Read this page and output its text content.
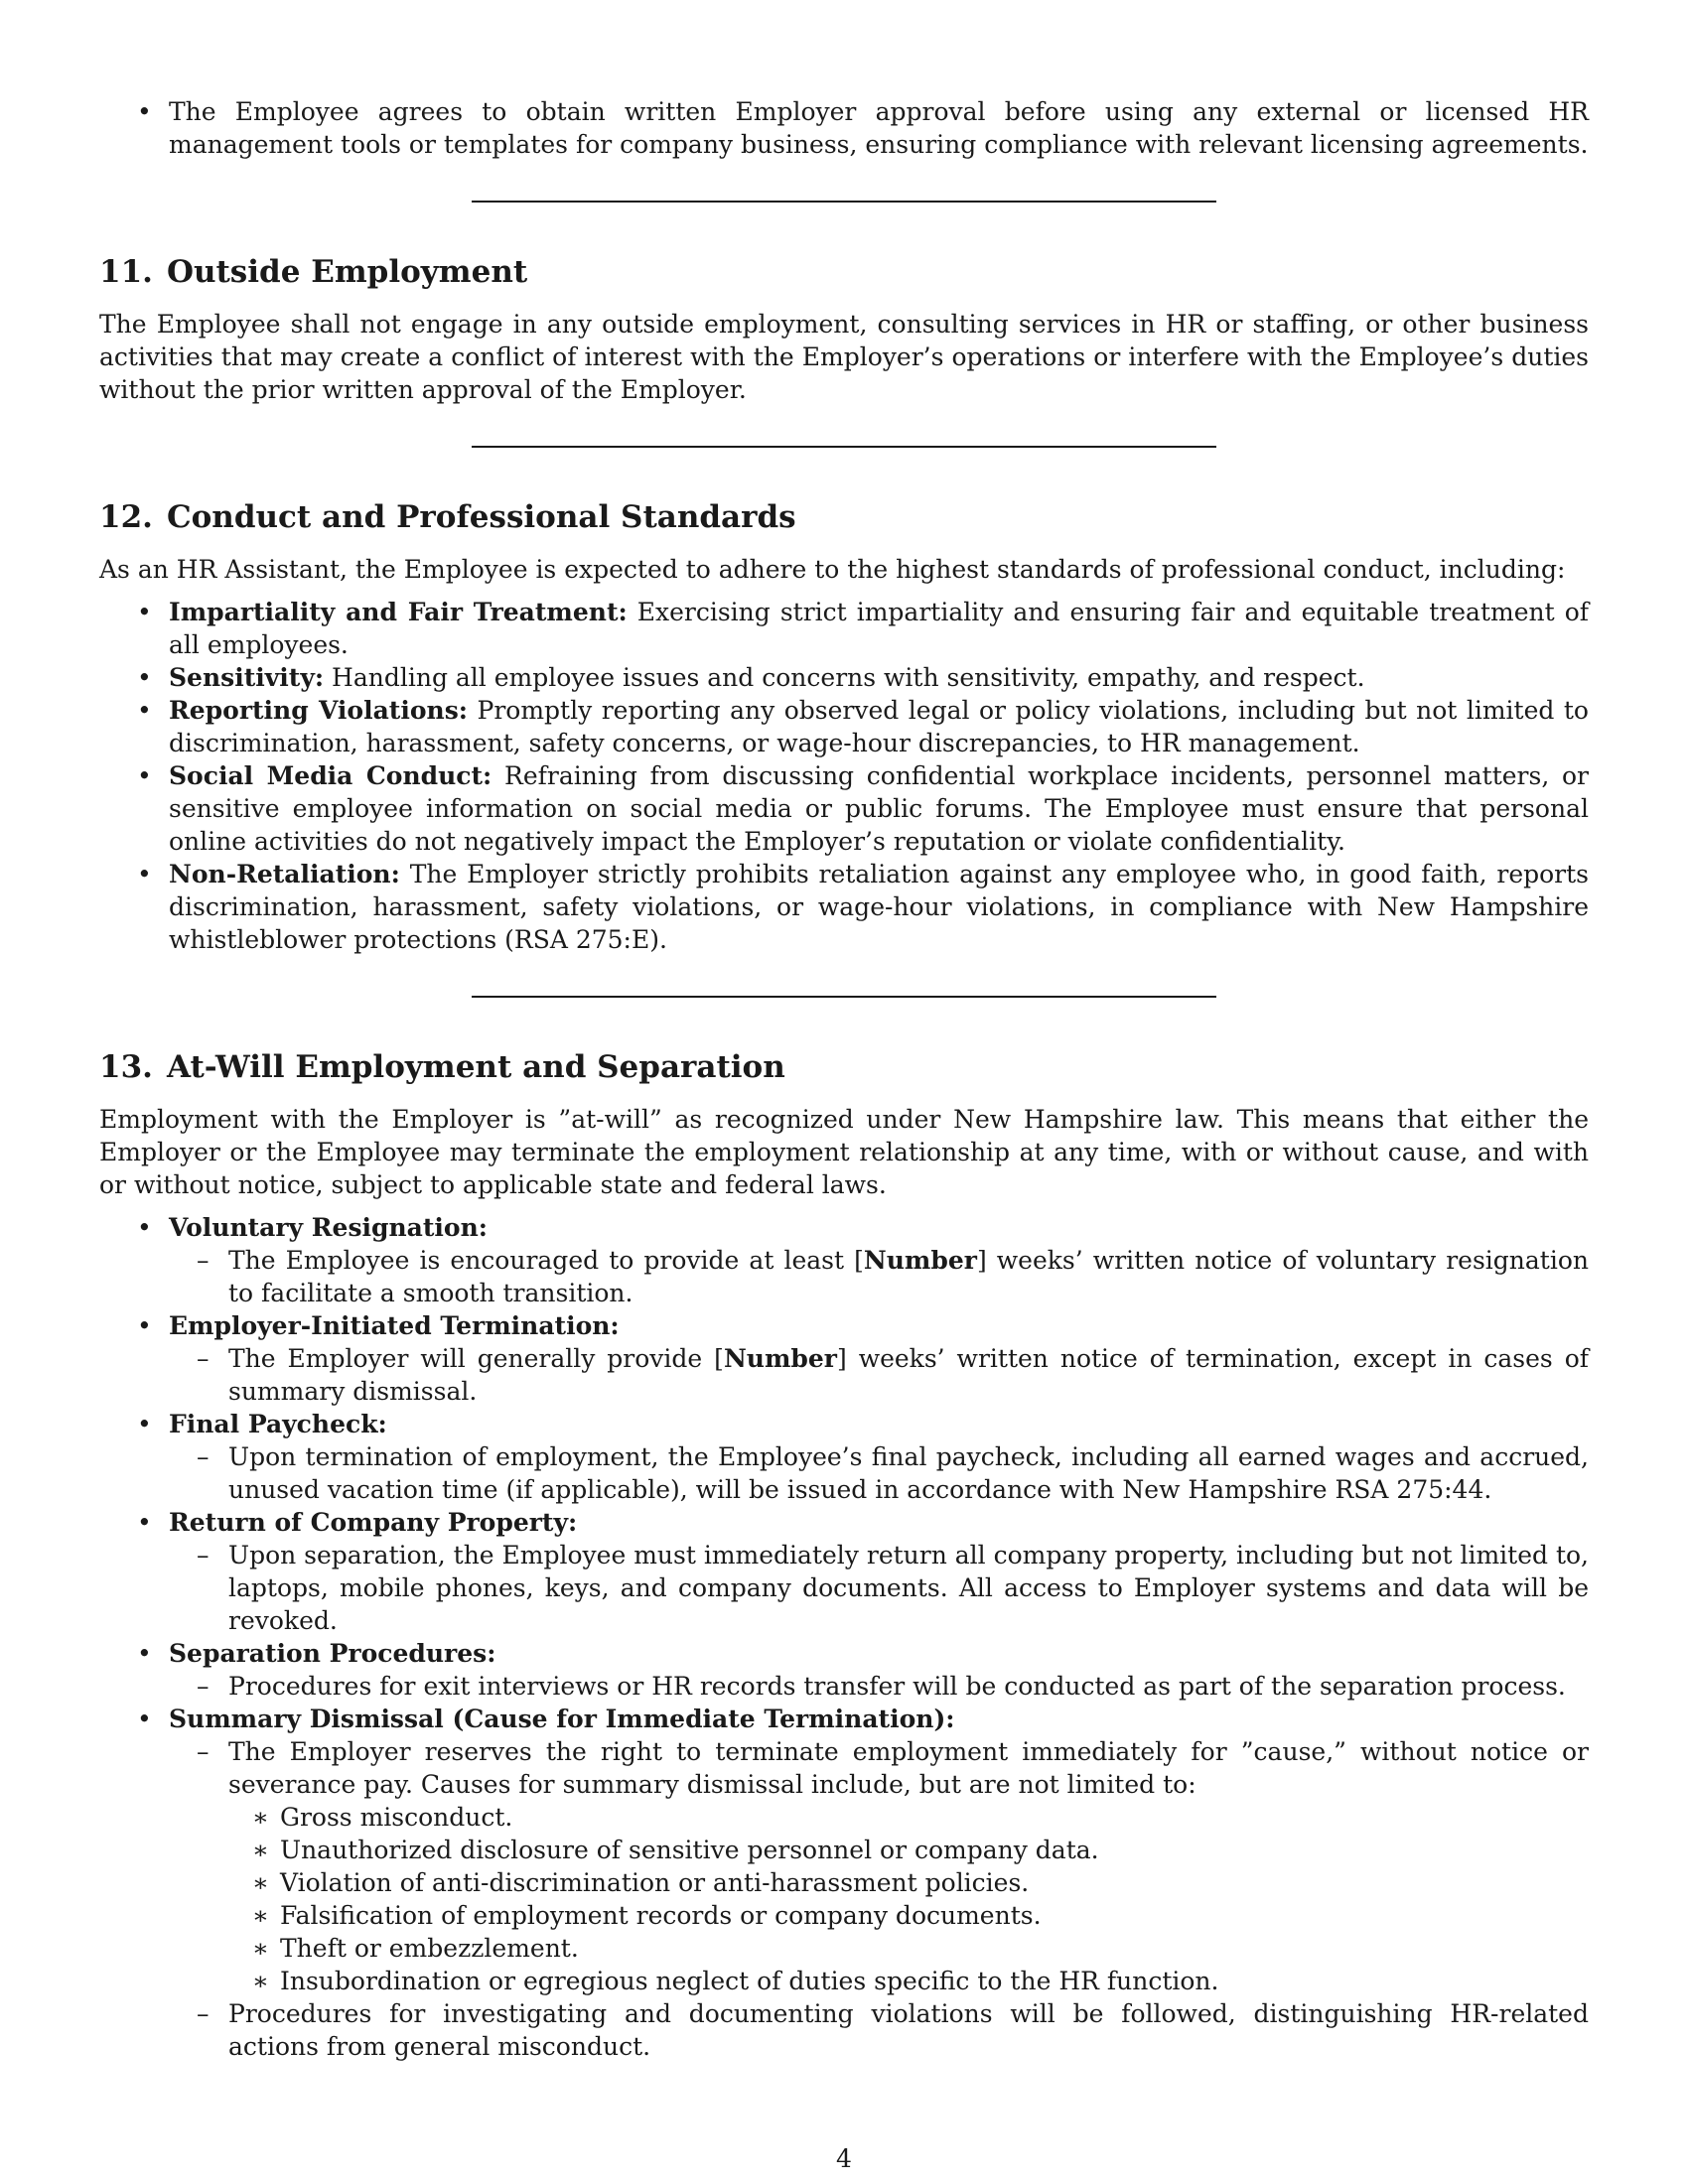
• The Employee agrees to obtain written Employer approval before using any external or licensed HR management tools or templates for company business, ensuring compliance with relevant licensing agreements.
11. Outside Employment

The Employee shall not engage in any outside employment, consulting services in HR or staffing, or other business activities that may create a conflict of interest with the Employer’s operations or interfere with the Employee’s duties without the prior written approval of the Employer.

12. Conduct and Professional Standards

As an HR Assistant, the Employee is expected to adhere to the highest standards of professional conduct, including:

• Impartiality and Fair Treatment: Exercising strict impartiality and ensuring fair and equitable treatment of all employees.
• Sensitivity: Handling all employee issues and concerns with sensitivity, empathy, and respect.
• Reporting Violations: Promptly reporting any observed legal or policy violations, including but not limited to discrimination, harassment, safety concerns, or wage-hour discrepancies, to HR management.
• Social Media Conduct: Refraining from discussing confidential workplace incidents, personnel matters, or sensitive employee information on social media or public forums. The Employee must ensure that personal online activities do not negatively impact the Employer’s reputation or violate confidentiality.
• Non-Retaliation: The Employer strictly prohibits retaliation against any employee who, in good faith, reports discrimination, harassment, safety violations, or wage-hour violations, in compliance with New Hampshire whistleblower protections (RSA 275:E).
13. At-Will Employment and Separation

Employment with the Employer is ”at-will” as recognized under New Hampshire law. This means that either the Employer or the Employee may terminate the employment relationship at any time, with or without cause, and with or without notice, subject to applicable state and federal laws.

• Voluntary Resignation:
– The Employee is encouraged to provide at least [Number] weeks’ written notice of voluntary resignation to facilitate a smooth transition.
• Employer-Initiated Termination:
– The Employer will generally provide [Number] weeks’ written notice of termination, except in cases of summary dismissal.
• Final Paycheck:
– Upon termination of employment, the Employee’s final paycheck, including all earned wages and accrued, unused vacation time (if applicable), will be issued in accordance with New Hampshire RSA 275:44.
• Return of Company Property:
– Upon separation, the Employee must immediately return all company property, including but not limited to, laptops, mobile phones, keys, and company documents. All access to Employer systems and data will be revoked.
• Separation Procedures:
– Procedures for exit interviews or HR records transfer will be conducted as part of the separation process.
• Summary Dismissal (Cause for Immediate Termination):
– The Employer reserves the right to terminate employment immediately for ”cause,” without notice or severance pay. Causes for summary dismissal include, but are not limited to:
∗ Gross misconduct.
∗ Unauthorized disclosure of sensitive personnel or company data.
∗ Violation of anti-discrimination or anti-harassment policies.
∗ Falsification of employment records or company documents.
∗ Theft or embezzlement.
∗ Insubordination or egregious neglect of duties specific to the HR function.
– Procedures for investigating and documenting violations will be followed, distinguishing HR-related actions from general misconduct.
4
